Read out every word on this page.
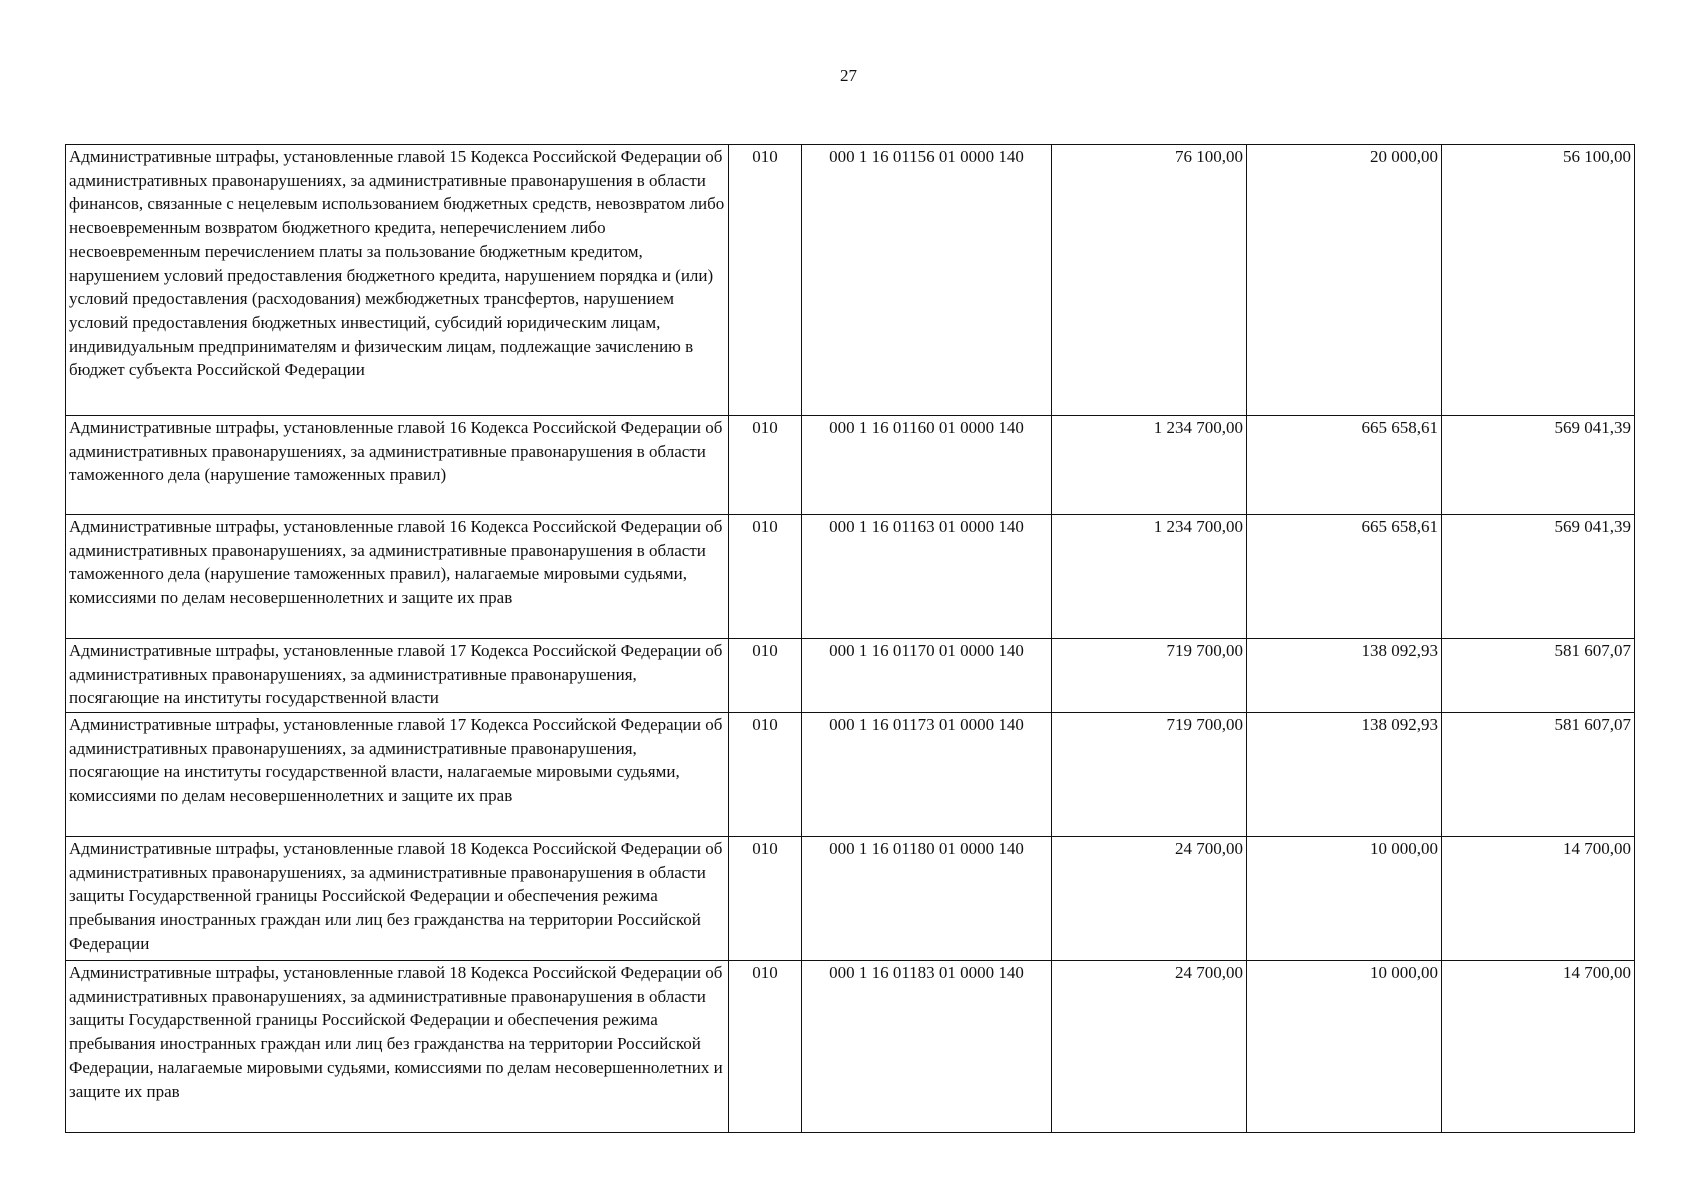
27
Административные штрафы, установленные главой 15 Кодекса Российской Федерации об административных правонарушениях, за административные правонарушения в области финансов, связанные с нецелевым использованием бюджетных средств, невозвратом либо несвоевременным возвратом бюджетного кредита, неперечислением либо несвоевременным перечислением платы за пользование бюджетным кредитом, нарушением условий предоставления бюджетного кредита, нарушением порядка и (или) условий предоставления (расходования) межбюджетных трансфертов, нарушением условий предоставления бюджетных инвестиций, субсидий юридическим лицам, индивидуальным предпринимателям и физическим лицам, подлежащие зачислению в бюджет субъекта Российской Федерации	010	000 1 16 01156 01 0000 140	76 100,00	20 000,00	56 100,00
Административные штрафы, установленные главой 16 Кодекса Российской Федерации об административных правонарушениях, за административные правонарушения в области таможенного дела (нарушение таможенных правил)	010	000 1 16 01160 01 0000 140	1 234 700,00	665 658,61	569 041,39
Административные штрафы, установленные главой 16 Кодекса Российской Федерации об административных правонарушениях, за административные правонарушения в области таможенного дела (нарушение таможенных правил), налагаемые мировыми судьями, комиссиями по делам несовершеннолетних и защите их прав	010	000 1 16 01163 01 0000 140	1 234 700,00	665 658,61	569 041,39
Административные штрафы, установленные главой 17 Кодекса Российской Федерации об административных правонарушениях, за административные правонарушения, посягающие на институты государственной власти	010	000 1 16 01170 01 0000 140	719 700,00	138 092,93	581 607,07
Административные штрафы, установленные главой 17 Кодекса Российской Федерации об административных правонарушениях, за административные правонарушения, посягающие на институты государственной власти, налагаемые мировыми судьями, комиссиями по делам несовершеннолетних и защите их прав	010	000 1 16 01173 01 0000 140	719 700,00	138 092,93	581 607,07
Административные штрафы, установленные главой 18 Кодекса Российской Федерации об административных правонарушениях, за административные правонарушения в области защиты Государственной границы Российской Федерации и обеспечения режима пребывания иностранных граждан или лиц без гражданства на территории Российской Федерации	010	000 1 16 01180 01 0000 140	24 700,00	10 000,00	14 700,00
Административные штрафы, установленные главой 18 Кодекса Российской Федерации об административных правонарушениях, за административные правонарушения в области защиты Государственной границы Российской Федерации и обеспечения режима пребывания иностранных граждан или лиц без гражданства на территории Российской Федерации, налагаемые мировыми судьями, комиссиями по делам несовершеннолетних и защите их прав	010	000 1 16 01183 01 0000 140	24 700,00	10 000,00	14 700,00
